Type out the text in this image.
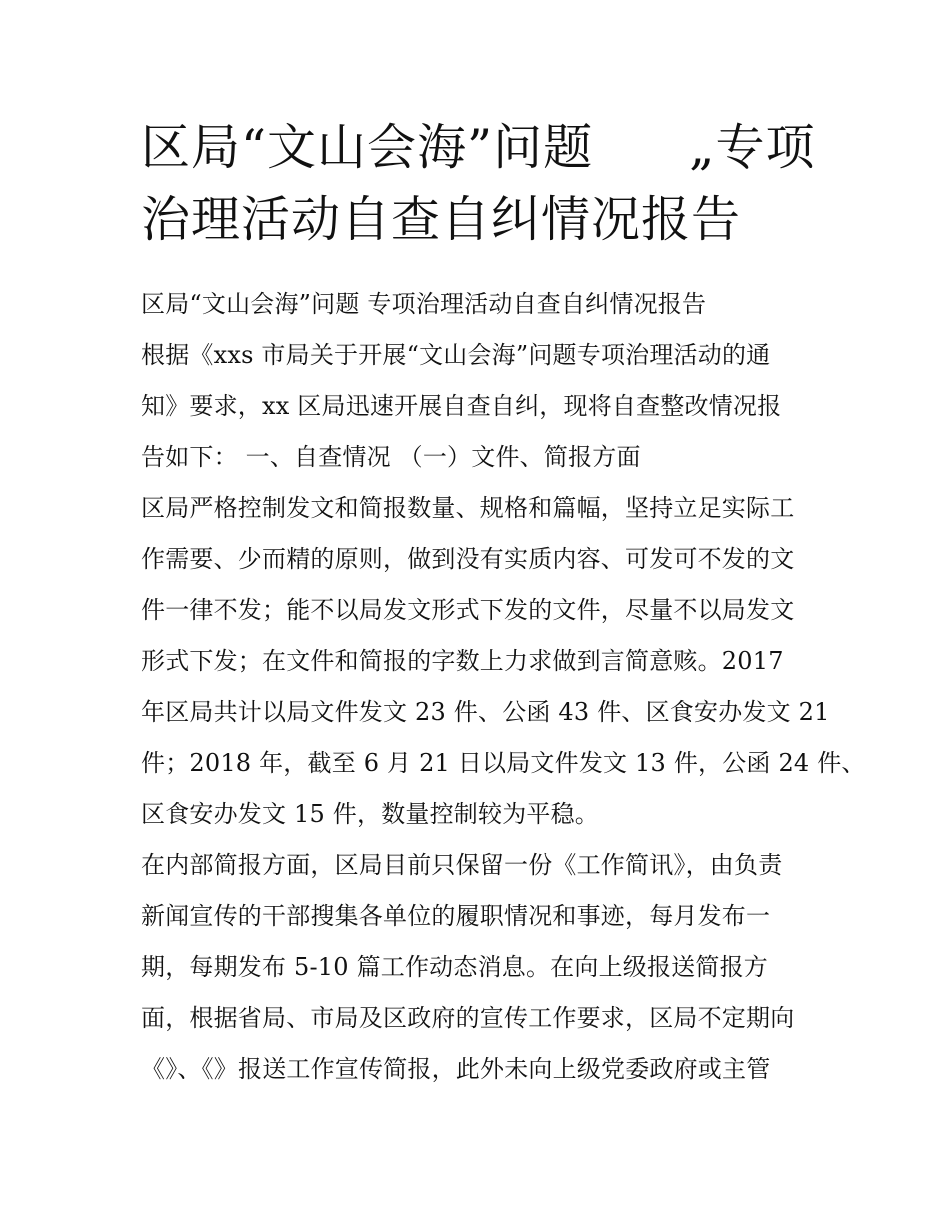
区局“文山会海”问题 „专项
治理活动自查自纠情况报告
区局“文山会海”问题 专项治理活动自查自纠情况报告
根据《xxs 市局关于开展“文山会海”问题专项治理活动的通
知》要求，xx 区局迅速开展自查自纠，现将自查整改情况报
告如下： 一、自查情况 （一）文件、简报方面
区局严格控制发文和简报数量、规格和篇幅，坚持立足实际工
作需要、少而精的原则，做到没有实质内容、可发可不发的文
件一律不发；能不以局发文形式下发的文件，尽量不以局发文
形式下发；在文件和简报的字数上力求做到言简意赅。2017
年区局共计以局文件发文 23 件、公函 43 件、区食安办发文 21
件；2018 年，截至 6 月 21 日以局文件发文 13 件，公函 24 件、
区食安办发文 15 件，数量控制较为平稳。
在内部简报方面，区局目前只保留一份《工作简讯》，由负责
新闻宣传的干部搜集各单位的履职情况和事迹，每月发布一
期，每期发布 5-10 篇工作动态消息。在向上级报送简报方
面，根据省局、市局及区政府的宣传工作要求，区局不定期向
《》、《》报送工作宣传简报，此外未向上级党委政府或主管
